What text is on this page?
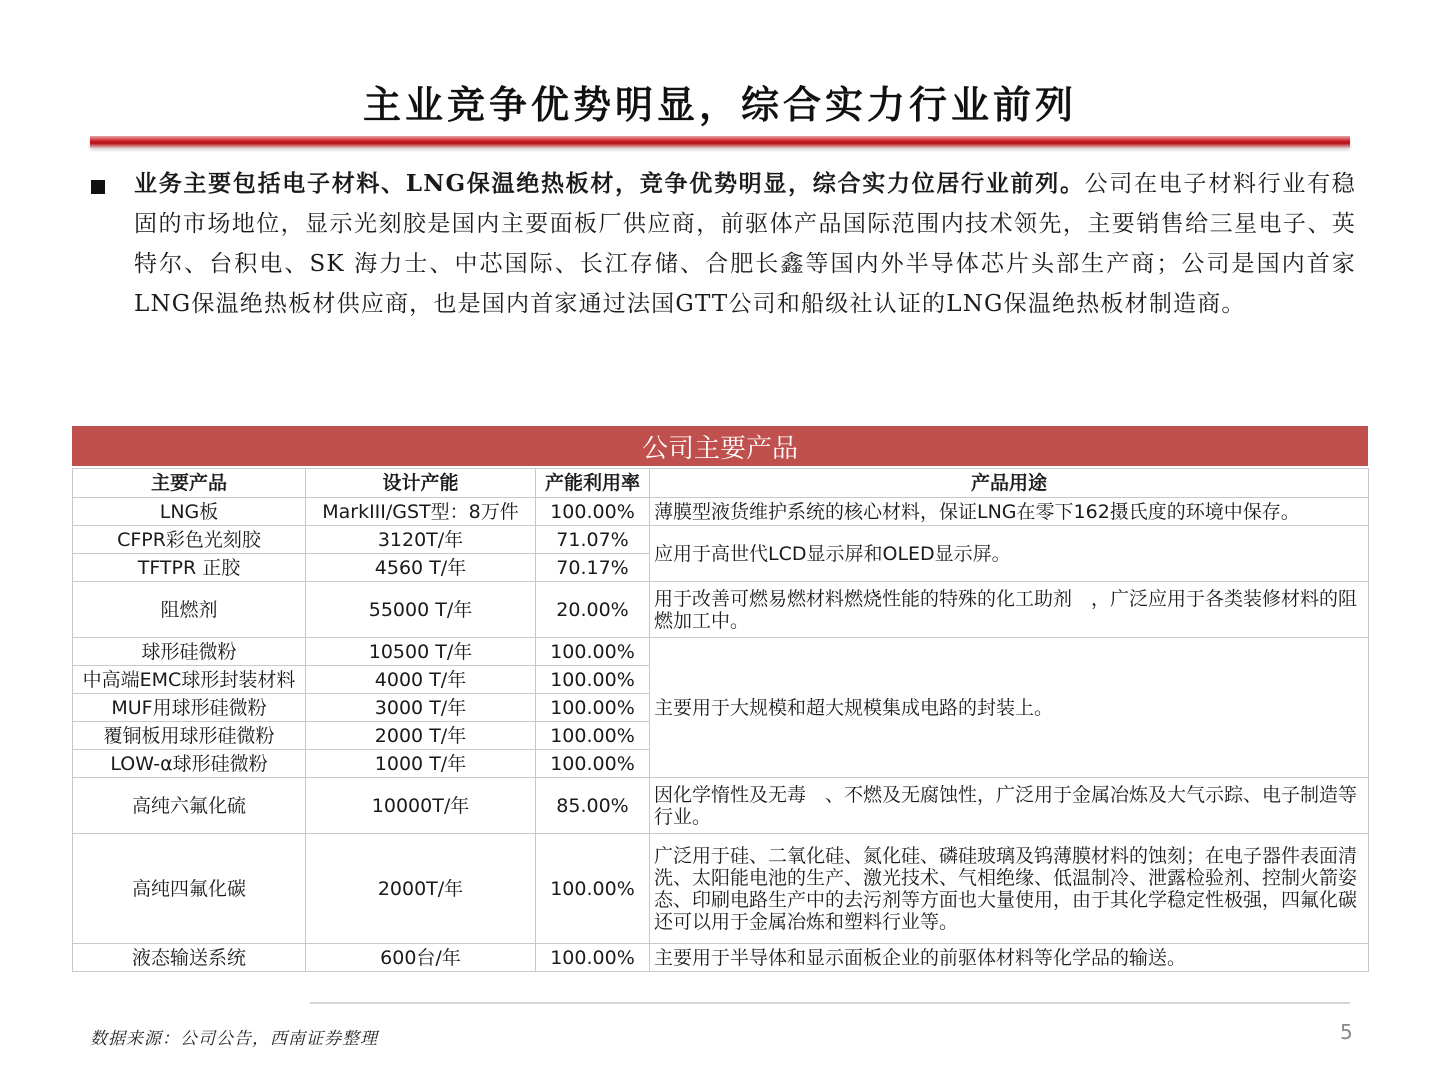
主业竞争优势明显，综合实力行业前列
业务主要包括电子材料、LNG保温绝热板材，竞争优势明显，综合实力位居行业前列。公司在电子材料行业有稳固的市场地位，显示光刻胶是国内主要面板厂供应商，前驱体产品国际范围内技术领先，主要销售给三星电子、英特尔、台积电、SK 海力士、中芯国际、长江存储、合肥长鑫等国内外半导体芯片头部生产商；公司是国内首家LNG保温绝热板材供应商，也是国内首家通过法国GTT公司和船级社认证的LNG保温绝热板材制造商。
公司主要产品
主要产品	设计产能	产能利用率	产品用途
LNG板	MarkIII/GST型：8万件	100.00%	薄膜型液货维护系统的核心材料，保证LNG在零下162摄氏度的环境中保存。
CFPR彩色光刻胶	3120T/年	71.07%	应用于高世代LCD显示屏和OLED显示屏。
TFTPR 正胶	4560 T/年	70.17%	
阻燃剂	55000 T/年	20.00%	用于改善可燃易燃材料燃烧性能的特殊的化工助剂　，广泛应用于各类装修材料的阻燃加工中。
球形硅微粉	10500 T/年	100.00%	主要用于大规模和超大规模集成电路的封装上。
中高端EMC球形封装材料	4000 T/年	100.00%	
MUF用球形硅微粉	3000 T/年	100.00%	
覆铜板用球形硅微粉	2000 T/年	100.00%	
LOW-α球形硅微粉	1000 T/年	100.00%	
高纯六氟化硫	10000T/年	85.00%	因化学惰性及无毒　、不燃及无腐蚀性，广泛用于金属冶炼及大气示踪、电子制造等行业。
高纯四氟化碳	2000T/年	100.00%	广泛用于硅、二氧化硅、氮化硅、磷硅玻璃及钨薄膜材料的蚀刻；在电子器件表面清洗、太阳能电池的生产、激光技术、气相绝缘、低温制冷、泄露检验剂、控制火箭姿态、印刷电路生产中的去污剂等方面也大量使用，由于其化学稳定性极强，四氟化碳还可以用于金属冶炼和塑料行业等。
液态输送系统	600台/年	100.00%	主要用于半导体和显示面板企业的前驱体材料等化学品的输送。
数据来源：公司公告，西南证券整理	5
